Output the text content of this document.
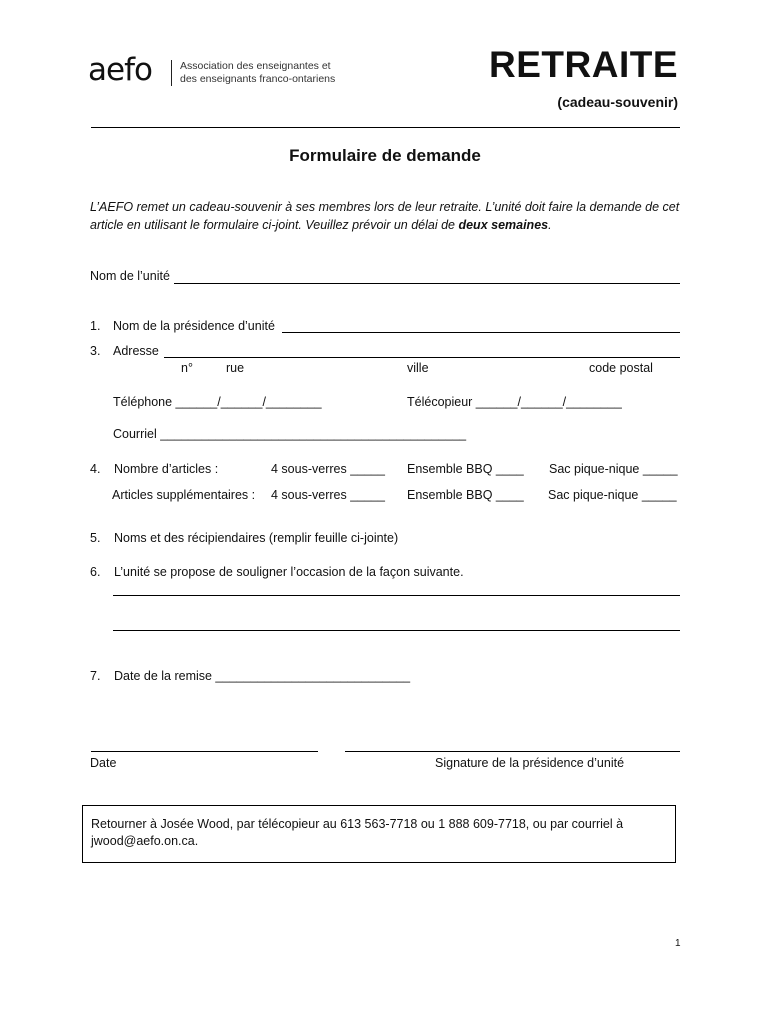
aefo	Association des enseignantes et
des enseignants franco-ontariens	RETRAITE
(cadeau-souvenir)
Formulaire de demande
L’AEFO remet un cadeau-souvenir à ses membres lors de leur retraite. L’unité doit faire la demande de cet article en utilisant le formulaire ci-joint. Veuillez prévoir un délai de deux semaines.
Nom de l’unité
1. Nom de la présidence d’unité
3. Adresse
n°	rue	ville	code postal
Téléphone ______/______/________	Télécopieur ______/______/________
Courriel ____________________________________________
4. Nombre d’articles :	4 sous-verres _____ Ensemble BBQ ____ Sac pique-nique _____
Articles supplémentaires : 4 sous-verres _____ Ensemble BBQ ____ Sac pique-nique _____
5. Noms et des récipiendaires (remplir feuille ci-jointe)
6. L’unité se propose de souligner l’occasion de la façon suivante.
7. Date de la remise ____________________________
Date	Signature de la présidence d’unité
Retourner à Josée Wood, par télécopieur au 613 563-7718 ou 1 888 609-7718, ou par courriel à jwood@aefo.on.ca.
1
